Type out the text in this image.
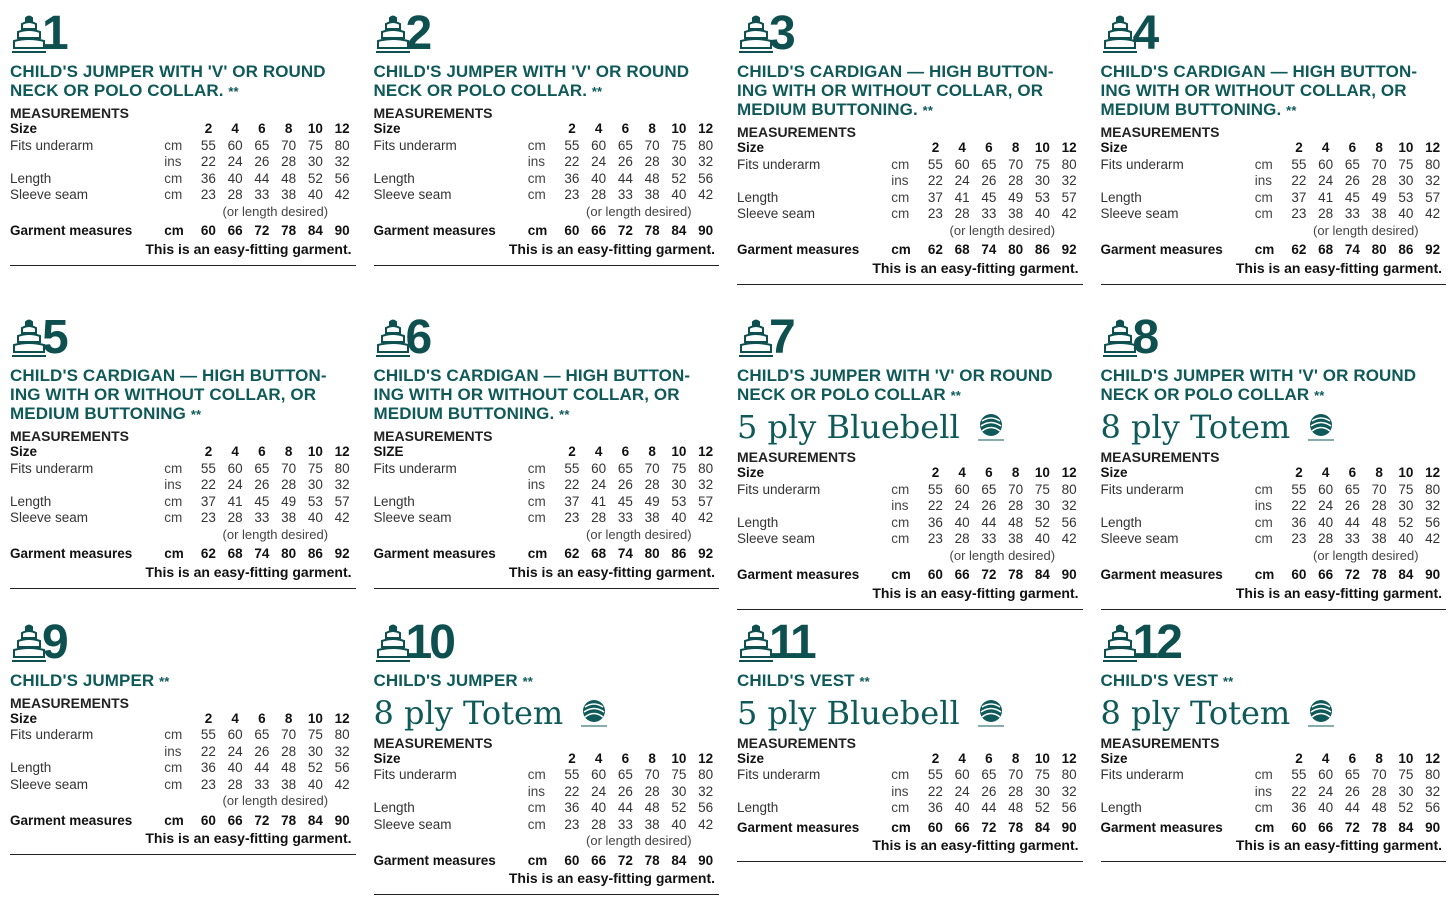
1
CHILD'S JUMPER WITH 'V' OR ROUND NECK OR POLO COLLAR. **
MEASUREMENTS
Size		2	4	6	8	10	12
Fits underarm	cm	55	60	65	70	75	80
	ins	22	24	26	28	30	32
Length	cm	36	40	44	48	52	56
Sleeve seam	cm	23	28	33	38	40	42
		(or length desired)					
Garment measures	cm	60	66	72	78	84	90
This is an easy-fitting garment.
2
CHILD'S JUMPER WITH 'V' OR ROUND NECK OR POLO COLLAR. **
MEASUREMENTS
Size		2	4	6	8	10	12
Fits underarm	cm	55	60	65	70	75	80
	ins	22	24	26	28	30	32
Length	cm	36	40	44	48	52	56
Sleeve seam	cm	23	28	33	38	40	42
		(or length desired)					
Garment measures	cm	60	66	72	78	84	90
This is an easy-fitting garment.
3
CHILD'S CARDIGAN — HIGH BUTTON-ING WITH OR WITHOUT COLLAR, OR MEDIUM BUTTONING. **
MEASUREMENTS
Size		2	4	6	8	10	12
Fits underarm	cm	55	60	65	70	75	80
	ins	22	24	26	28	30	32
Length	cm	37	41	45	49	53	57
Sleeve seam	cm	23	28	33	38	40	42
		(or length desired)					
Garment measures	cm	62	68	74	80	86	92
This is an easy-fitting garment.
4
CHILD'S CARDIGAN — HIGH BUTTON-ING WITH OR WITHOUT COLLAR, OR MEDIUM BUTTONING. **
MEASUREMENTS
Size		2	4	6	8	10	12
Fits underarm	cm	55	60	65	70	75	80
	ins	22	24	26	28	30	32
Length	cm	37	41	45	49	53	57
Sleeve seam	cm	23	28	33	38	40	42
		(or length desired)					
Garment measures	cm	62	68	74	80	86	92
This is an easy-fitting garment.
5
CHILD'S CARDIGAN — HIGH BUTTON-ING WITH OR WITHOUT COLLAR, OR MEDIUM BUTTONING **
MEASUREMENTS
Size		2	4	6	8	10	12
Fits underarm	cm	55	60	65	70	75	80
	ins	22	24	26	28	30	32
Length	cm	37	41	45	49	53	57
Sleeve seam	cm	23	28	33	38	40	42
		(or length desired)					
Garment measures	cm	62	68	74	80	86	92
This is an easy-fitting garment.
6
CHILD'S CARDIGAN — HIGH BUTTON-ING WITH OR WITHOUT COLLAR, OR MEDIUM BUTTONING. **
MEASUREMENTS
SIZE		2	4	6	8	10	12
Fits underarm	cm	55	60	65	70	75	80
	ins	22	24	26	28	30	32
Length	cm	37	41	45	49	53	57
Sleeve seam	cm	23	28	33	38	40	42
		(or length desired)					
Garment measures	cm	62	68	74	80	86	92
This is an easy-fitting garment.
7
CHILD'S JUMPER WITH 'V' OR ROUND NECK OR POLO COLLAR **
5 ply Bluebell
MEASUREMENTS
Size		2	4	6	8	10	12
Fits underarm	cm	55	60	65	70	75	80
	ins	22	24	26	28	30	32
Length	cm	36	40	44	48	52	56
Sleeve seam	cm	23	28	33	38	40	42
		(or length desired)					
Garment measures	cm	60	66	72	78	84	90
This is an easy-fitting garment.
8
CHILD'S JUMPER WITH 'V' OR ROUND NECK OR POLO COLLAR **
8 ply Totem
MEASUREMENTS
Size		2	4	6	8	10	12
Fits underarm	cm	55	60	65	70	75	80
	ins	22	24	26	28	30	32
Length	cm	36	40	44	48	52	56
Sleeve seam	cm	23	28	33	38	40	42
		(or length desired)					
Garment measures	cm	60	66	72	78	84	90
This is an easy-fitting garment.
9
CHILD'S JUMPER **
MEASUREMENTS
Size		2	4	6	8	10	12
Fits underarm	cm	55	60	65	70	75	80
	ins	22	24	26	28	30	32
Length	cm	36	40	44	48	52	56
Sleeve seam	cm	23	28	33	38	40	42
		(or length desired)					
Garment measures	cm	60	66	72	78	84	90
This is an easy-fitting garment.
10
CHILD'S JUMPER **
8 ply Totem
MEASUREMENTS
Size		2	4	6	8	10	12
Fits underarm	cm	55	60	65	70	75	80
	ins	22	24	26	28	30	32
Length	cm	36	40	44	48	52	56
Sleeve seam	cm	23	28	33	38	40	42
		(or length desired)					
Garment measures	cm	60	66	72	78	84	90
This is an easy-fitting garment.
11
CHILD'S VEST **
5 ply Bluebell
MEASUREMENTS
Size		2	4	6	8	10	12
Fits underarm	cm	55	60	65	70	75	80
	ins	22	24	26	28	30	32
Length	cm	36	40	44	48	52	56
Garment measures	cm	60	66	72	78	84	90
This is an easy-fitting garment.
12
CHILD'S VEST **
8 ply Totem
MEASUREMENTS
Size		2	4	6	8	10	12
Fits underarm	cm	55	60	65	70	75	80
	ins	22	24	26	28	30	32
Length	cm	36	40	44	48	52	56
Garment measures	cm	60	66	72	78	84	90
This is an easy-fitting garment.
